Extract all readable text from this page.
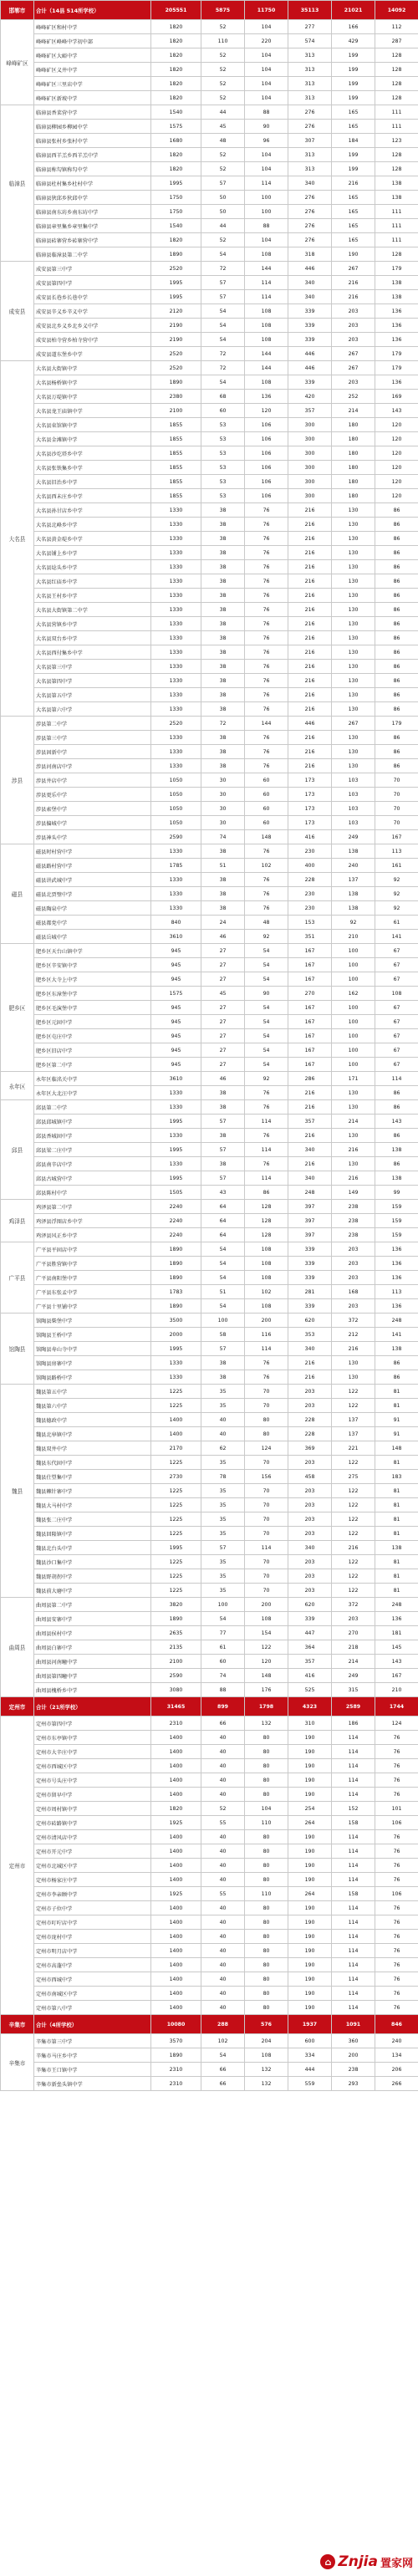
邯郸市	合计（14县 514所学校）	205551	5875	11750	35113	21021	14092
峰峰矿区	峰峰矿区和村中学	1820	52	104	277	166	112
	峰峰矿区峰峰中学初中部	1820	110	220	574	429	287
	峰峰矿区大峪中学	1820	52	104	313	199	128
	峰峰矿区义井中学	1820	52	104	313	199	128
	峰峰矿区三里店中学	1820	52	104	313	199	128
	峰峰矿区新坡中学	1820	52	104	313	199	128
临漳县	临漳县香菜营中学	1540	44	88	276	165	111
	临漳县柳园乡柳园中学	1575	45	90	276	165	111
	临漳县张村乡张村中学	1680	48	96	307	184	123
	临漳县西羊羔乡西羊羔中学	1820	52	104	313	199	128
	临漳县称勾镇称勾中学	1820	52	104	313	199	128
	临漳县杜村集乡杜村中学	1995	57	114	340	216	138
	临漳县狄邱乡狄邱中学	1750	50	100	276	165	138
	临漳县南东坊乡南东坊中学	1750	50	100	276	165	111
	临漳县章里集乡章里集中学	1540	44	88	276	165	111
	临漳县砖寨营乡砖寨营中学	1820	52	104	276	165	111
	临漳县临漳县第二中学	1890	54	108	318	190	128
成安县	成安县第三中学	2520	72	144	446	267	179
	成安县第四中学	1995	57	114	340	216	138
	成安县长巷乡长巷中学	1995	57	114	340	216	138
	成安县辛义乡辛义中学	2120	54	108	339	203	136
	成安县北乡义乡北乡义中学	2190	54	108	339	203	136
	成安县柏寺营乡柏寺营中学	2190	54	108	339	203	136
	成安县道东堡乡中学	2520	72	144	446	267	179
大名县	大名县大街镇中学	2520	72	144	446	267	179
	大名县杨桥镇中学	1890	54	108	339	203	136
	大名县万堤镇中学	2380	68	136	420	252	169
	大名县龙王庙镇中学	2100	60	120	357	214	143
	大名县束馆镇中学	1855	53	106	300	180	120
	大名县金滩镇中学	1855	53	106	300	180	120
	大名县沙圪塔乡中学	1855	53	106	300	180	120
	大名县张铁集乡中学	1855	53	106	300	180	120
	大名县旧治乡中学	1855	53	106	300	180	120
	大名县西未庄乡中学	1855	53	106	300	180	120
	大名县孙甘店乡中学	1330	38	76	216	130	86
	大名县北峰乡中学	1330	38	76	216	130	86
	大名县黄金堤乡中学	1330	38	76	216	130	86
	大名县铺上乡中学	1330	38	76	216	130	86
	大名县埝头乡中学	1330	38	76	216	130	86
	大名县红庙乡中学	1330	38	76	216	130	86
	大名县王村乡中学	1330	38	76	216	130	86
	大名县大街镇第二中学	1330	38	76	216	130	86
	大名县营镇乡中学	1330	38	76	216	130	86
	大名县双台乡中学	1330	38	76	216	130	86
	大名县西付集乡中学	1330	38	76	216	130	86
	大名县第三中学	1330	38	76	216	130	86
	大名县第四中学	1330	38	76	216	130	86
	大名县第五中学	1330	38	76	216	130	86
	大名县第六中学	1330	38	76	216	130	86
涉县	涉县第二中学	2520	72	144	446	267	179
	涉县第三中学	1330	38	76	216	130	86
	涉县固新中学	1330	38	76	216	130	86
	涉县河南店中学	1330	38	76	216	130	86
	涉县井店中学	1050	30	60	173	103	70
	涉县更乐中学	1050	30	60	173	103	70
	涉县索堡中学	1050	30	60	173	103	70
	涉县偏城中学	1050	30	60	173	103	70
	涉县神头中学	2590	74	148	416	249	167
磁县	磁县时村营中学	1330	38	76	230	138	113
	磁县路村营中学	1785	51	102	400	240	161
	磁县讲武城中学	1330	38	76	228	137	92
	磁县北贾璧中学	1330	38	76	230	138	92
	磁县陶泉中学	1330	38	76	230	138	92
	磁县都党中学	840	24	48	153	92	61
	磁县岳城中学	3610	46	92	351	210	141
肥乡区	肥乡区天台山镇中学	945	27	54	167	100	67
	肥乡区辛安镇中学	945	27	54	167	100	67
	肥乡区大寺上中学	945	27	54	167	100	67
	肥乡区东漳堡中学	1575	45	90	270	162	108
	肥乡区毛演堡中学	945	27	54	167	100	67
	肥乡区元固中学	945	27	54	167	100	67
	肥乡区屯庄中学	945	27	54	167	100	67
	肥乡区旧店中学	945	27	54	167	100	67
	肥乡区第二中学	945	27	54	167	100	67
永年区	永年区临洺关中学	3610	46	92	286	171	114
	永年区大北汪中学	1330	38	76	216	130	86
邱县	邱县第二中学	1330	38	76	216	130	86
	邱县邱城镇中学	1995	57	114	357	214	143
	邱县香城固中学	1330	38	76	216	130	86
	邱县梁二庄中学	1995	57	114	340	216	138
	邱县南辛店中学	1330	38	76	216	130	86
	邱县古城营中学	1995	57	114	340	216	138
	邱县陈村中学	1505	43	86	248	149	99
鸡泽县	鸡泽县第二中学	2240	64	128	397	238	159
	鸡泽县浮图店乡中学	2240	64	128	397	238	159
	鸡泽县风正乡中学	2240	64	128	397	238	159
广平县	广平县平固店中学	1890	54	108	339	203	136
	广平县胜营镇中学	1890	54	108	339	203	136
	广平县南阳堡中学	1890	54	108	339	203	136
	广平县东张孟中学	1783	51	102	281	168	113
	广平县十里铺中学	1890	54	108	339	203	136
馆陶县	馆陶县柴堡中学	3500	100	200	620	372	248
	馆陶县王桥中学	2000	58	116	353	212	141
	馆陶县寿山寺中学	1995	57	114	340	216	138
	馆陶县房寨中学	1330	38	76	216	130	86
	馆陶县路桥中学	1330	38	76	216	130	86
魏县	魏县第五中学	1225	35	70	203	122	81
	魏县第六中学	1225	35	70	203	122	81
	魏县德政中学	1400	40	80	228	137	91
	魏县北皋镇中学	1400	40	80	228	137	91
	魏县双井中学	2170	62	124	369	221	148
	魏县东代固中学	1225	35	70	203	122	81
	魏县仕望集中学	2730	78	156	458	275	183
	魏县棘针寨中学	1225	35	70	203	122	81
	魏县大马村中学	1225	35	70	203	122	81
	魏县张二庄中学	1225	35	70	203	122	81
	魏县回隆镇中学	1225	35	70	203	122	81
	魏县北台头中学	1995	57	114	340	216	138
	魏县沙口集中学	1225	35	70	203	122	81
	魏县野胡拐中学	1225	35	70	203	122	81
	魏县前大磨中学	1225	35	70	203	122	81
曲周县	曲周县第二中学	3820	100	200	620	372	248
	曲周县安寨中学	1890	54	108	339	203	136
	曲周县侯村中学	2635	77	154	447	270	181
	曲周县白寨中学	2135	61	122	364	218	145
	曲周县河南疃中学	2100	60	120	357	214	143
	曲周县第四疃中学	2590	74	148	416	249	167
	曲周县槐桥乡中学	3080	88	176	525	315	210
定州市	合计（21所学校）	31465	899	1798	4323	2589	1744
定州市	定州市第四中学	2310	66	132	310	186	124
	定州市东亭镇中学	1400	40	80	190	114	76
	定州市大辛庄中学	1400	40	80	190	114	76
	定州市西城区中学	1400	40	80	190	114	76
	定州市号头庄中学	1400	40	80	190	114	76
	定州市留早中学	1400	40	80	190	114	76
	定州市周村镇中学	1820	52	104	254	152	101
	定州市砖路镇中学	1925	55	110	264	158	106
	定州市清风店中学	1400	40	80	190	114	76
	定州市开元中学	1400	40	80	190	114	76
	定州市北城区中学	1400	40	80	190	114	76
	定州市杨家庄中学	1400	40	80	190	114	76
	定州市李亲顾中学	1925	55	110	264	158	106
	定州市子位中学	1400	40	80	190	114	76
	定州市叮咛店中学	1400	40	80	190	114	76
	定州市庞村中学	1400	40	80	190	114	76
	定州市明月店中学	1400	40	80	190	114	76
	定州市高蓬中学	1400	40	80	190	114	76
	定州市西城中学	1400	40	80	190	114	76
	定州市南城区中学	1400	40	80	190	114	76
	定州市第八中学	1400	40	80	190	114	76
辛集市	合计（4所学校）	10080	288	576	1937	1091	846
辛集市	辛集市第三中学	3570	102	204	600	360	240
	辛集市马庄乡中学	1890	54	108	334	200	134
	辛集市王口镇中学	2310	66	132	444	238	206
	辛集市新垒头镇中学	2310	66	132	559	293	266
⌂ Znjia 置家网
